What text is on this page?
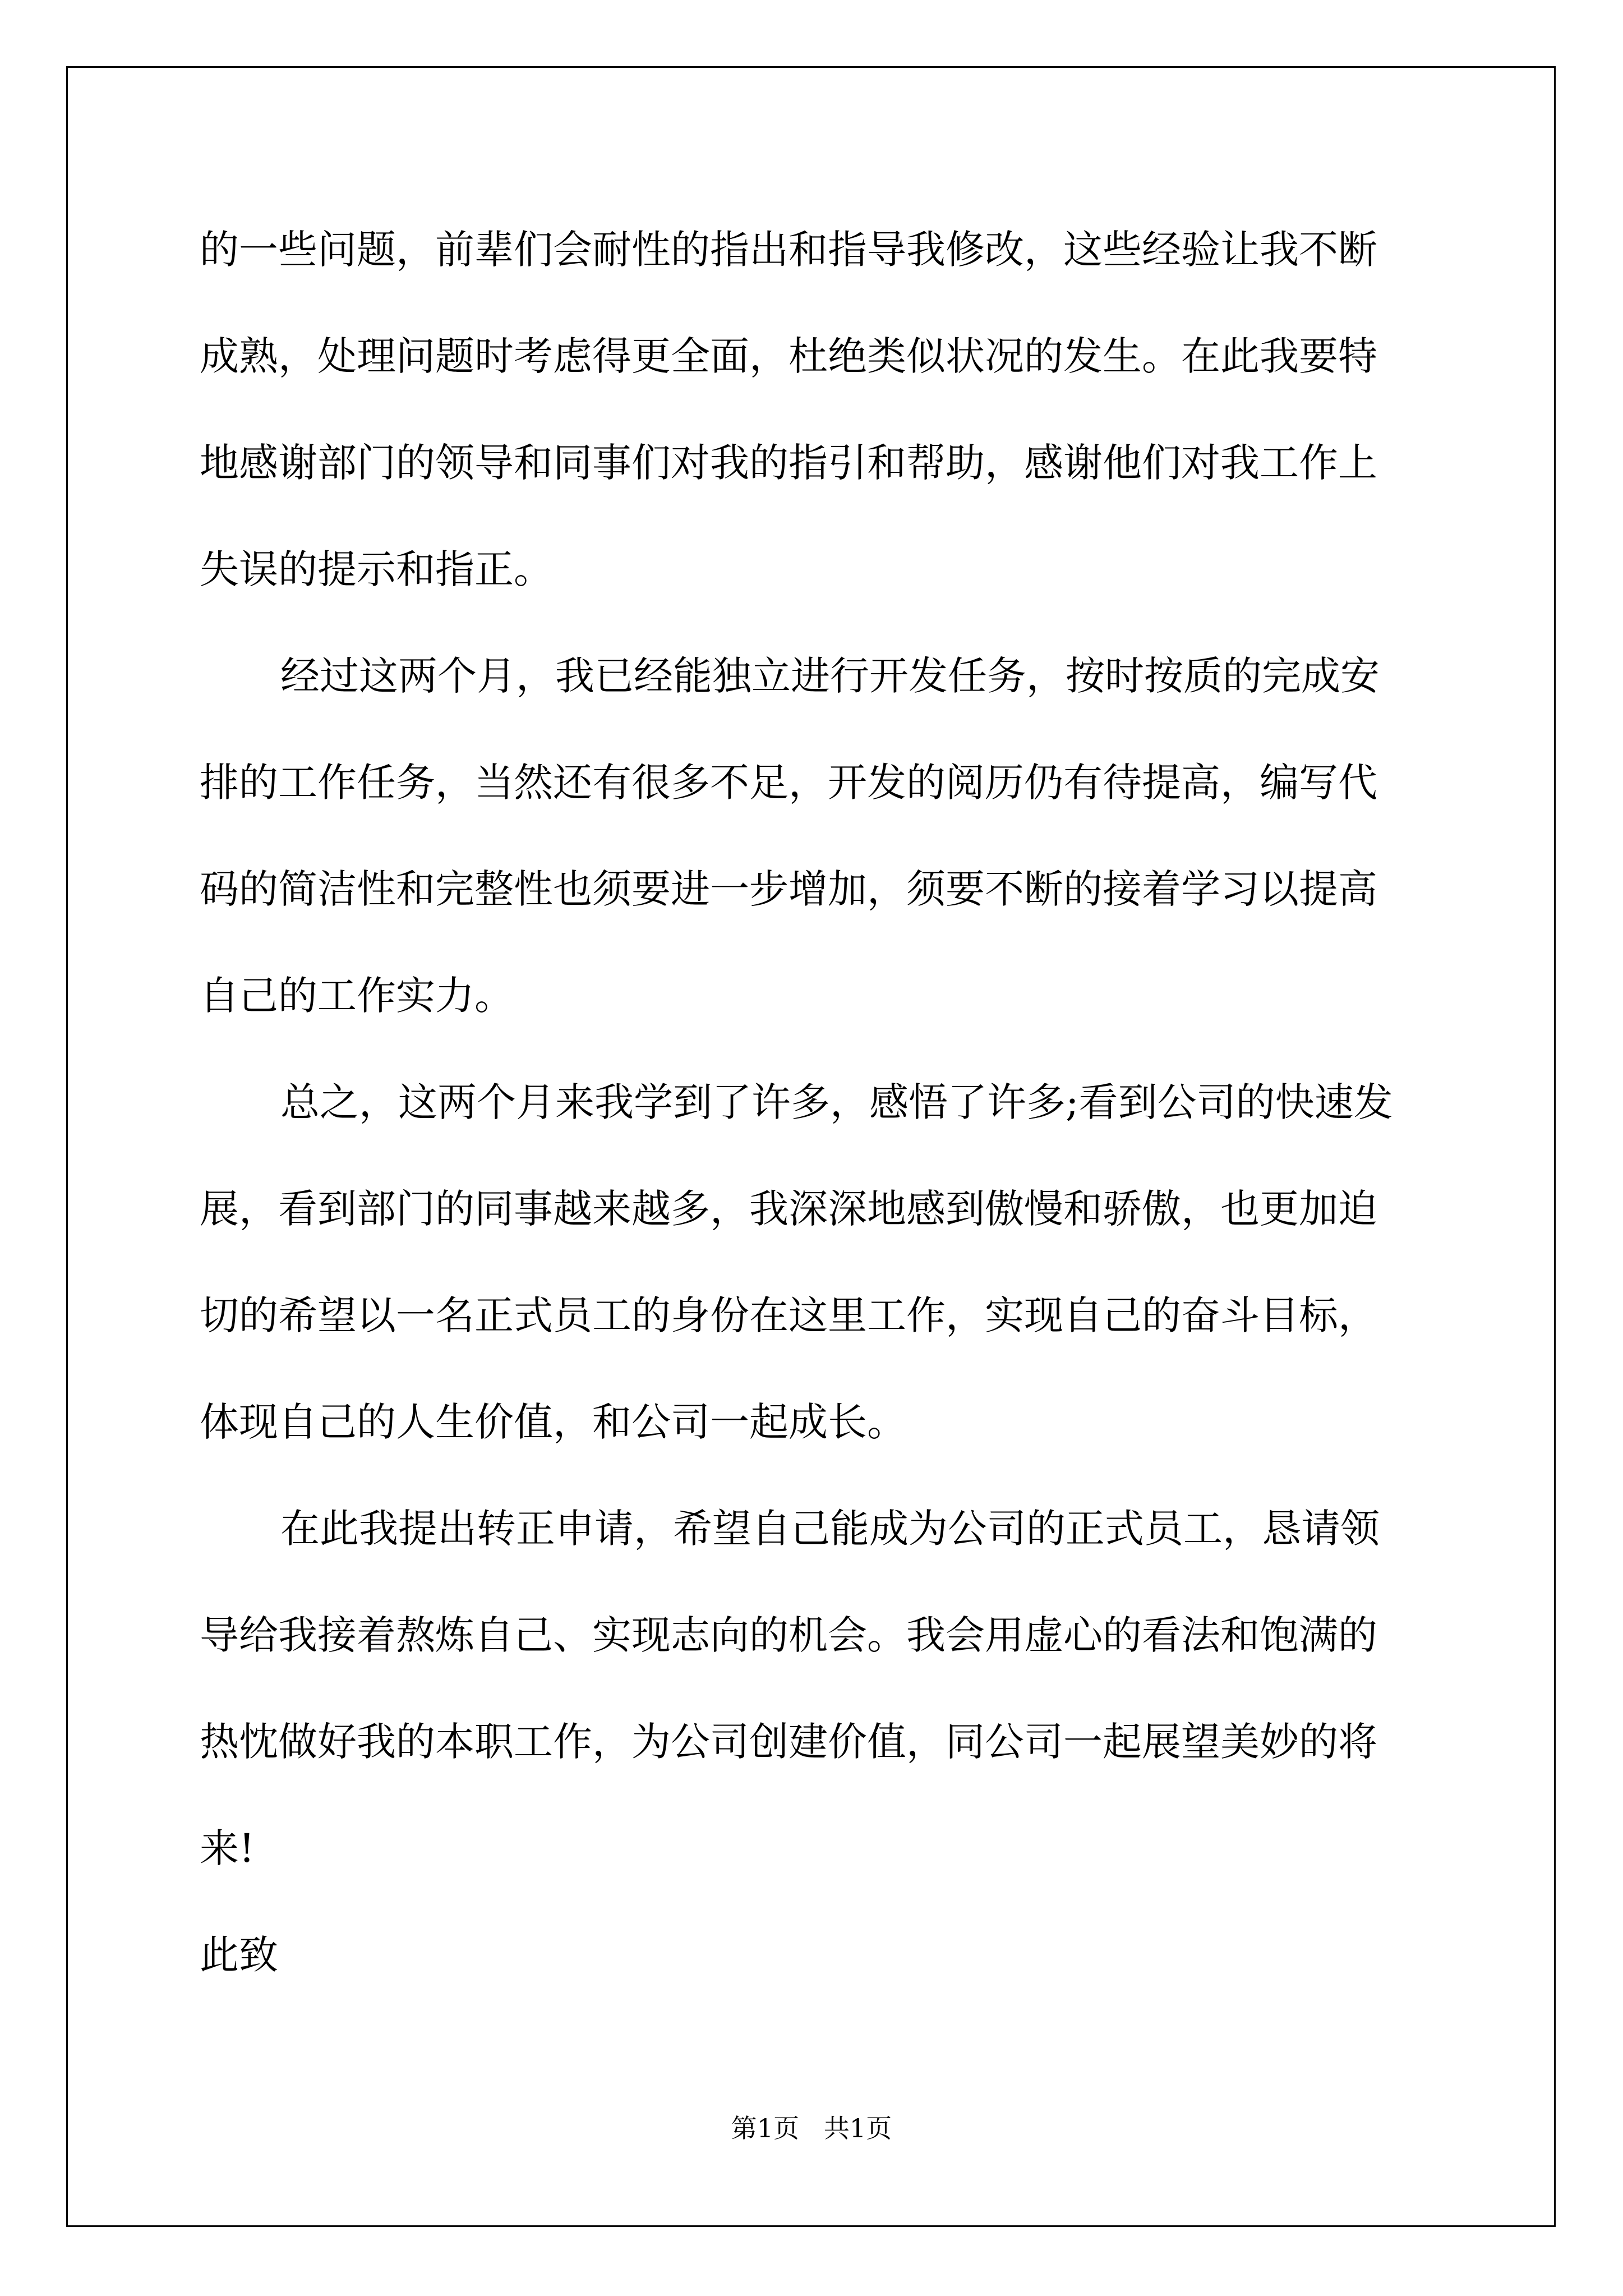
的一些问题，前辈们会耐性的指出和指导我修改，这些经验让我不断
成熟，处理问题时考虑得更全面，杜绝类似状况的发生。在此我要特
地感谢部门的领导和同事们对我的指引和帮助，感谢他们对我工作上
失误的提示和指正。
经过这两个月，我已经能独立进行开发任务，按时按质的完成安
排的工作任务，当然还有很多不足，开发的阅历仍有待提高，编写代
码的简洁性和完整性也须要进一步增加，须要不断的接着学习以提高
自己的工作实力。
总之，这两个月来我学到了许多，感悟了许多;看到公司的快速发
展，看到部门的同事越来越多，我深深地感到傲慢和骄傲，也更加迫
切的希望以一名正式员工的身份在这里工作，实现自己的奋斗目标，
体现自己的人生价值，和公司一起成长。
在此我提出转正申请，希望自己能成为公司的正式员工，恳请领
导给我接着熬炼自己、实现志向的机会。我会用虚心的看法和饱满的
热忱做好我的本职工作，为公司创建价值，同公司一起展望美妙的将
来!
此致
第1页   共1页
